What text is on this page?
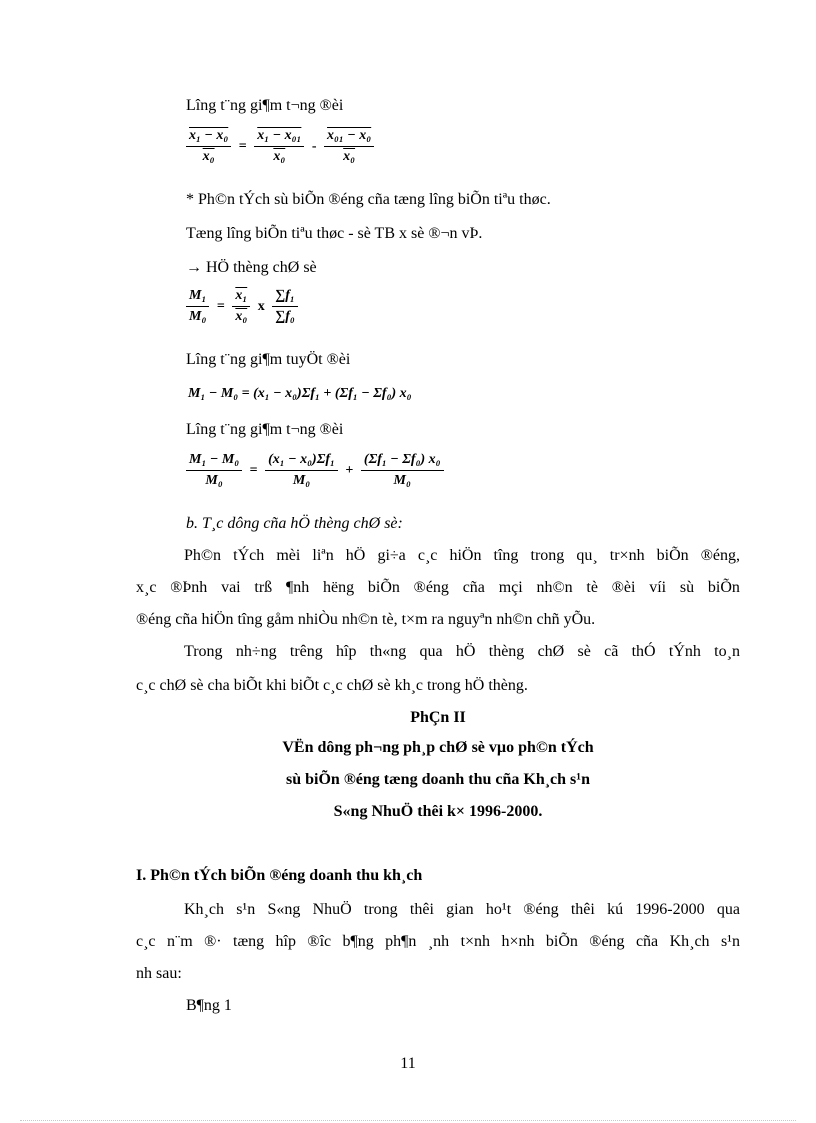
Lîng t¨ng gi¶m t¬ng ®èi
$\frac{\text{x₁ − x₀}}{\text{x₀}} = \frac{\text{x₁ − x₀₁}}{\text{x₀}} - \frac{\text{x₀₁ − x₀}}{\text{x₀}}$
* Ph©n tÝch sù biÕn ®éng cña tæng lîng biÕn tiªu thøc.
Tæng lîng biÕn tiªu thøc - sè TB x sè ®¬n vÞ.
→ HÖ thèng chØ sè
$\frac{\text{M₁}}{\text{M₀}} = \frac{\text{x₁}}{\text{x₀}}$ x $\frac{\text{∑f₁}}{\text{∑f₀}}$
Lîng t¨ng gi¶m tuyÖt ®èi
M₁ − M₀ = (x₁ − x₀)Σf₁ + (Σf₁ − Σf₀) x₀
Lîng t¨ng gi¶m t¬ng ®èi
$\frac{\text{M₁ − M₀}}{\text{M₀}} = \frac{\text{(x₁ − x₀)Σf₁}}{\text{M₀}} + \frac{\text{(Σf₁ − Σf₀) x₀}}{\text{M₀}}$
b. T¸c dông cña hÖ thèng chØ sè:
Ph©n tÝch mèi liªn hÖ gi÷a c¸c hiÖn tîng trong qu¸ tr×nh biÕn ®éng,
x¸c ®Þnh vai trß ¶nh hëng biÕn ®éng cña mçi nh©n tè ®èi víi sù biÕn
®éng cña hiÖn tîng gåm nhiÒu nh©n tè, t×m ra nguyªn nh©n chñ yÕu.
Trong nh÷ng trêng hîp th«ng qua hÖ thèng chØ sè cã thÓ tÝnh to¸n
c¸c chØ sè cha biÕt khi biÕt c¸c chØ sè kh¸c trong hÖ thèng.
PhÇn II
VËn dông ph¬ng ph¸p chØ sè vµo ph©n tÝch
sù biÕn ®éng tæng doanh thu cña Kh¸ch s¹n
S«ng NhuÖ thêi k× 1996-2000.
I. Ph©n tÝch biÕn ®éng doanh thu kh¸ch
Kh¸ch s¹n S«ng NhuÖ trong thêi gian ho¹t ®éng thêi kú 1996-2000 qua
c¸c n¨m ®· tæng hîp ®îc b¶ng ph¶n ¸nh t×nh h×nh biÕn ®éng cña Kh¸ch s¹n
nh sau:
B¶ng 1
11
